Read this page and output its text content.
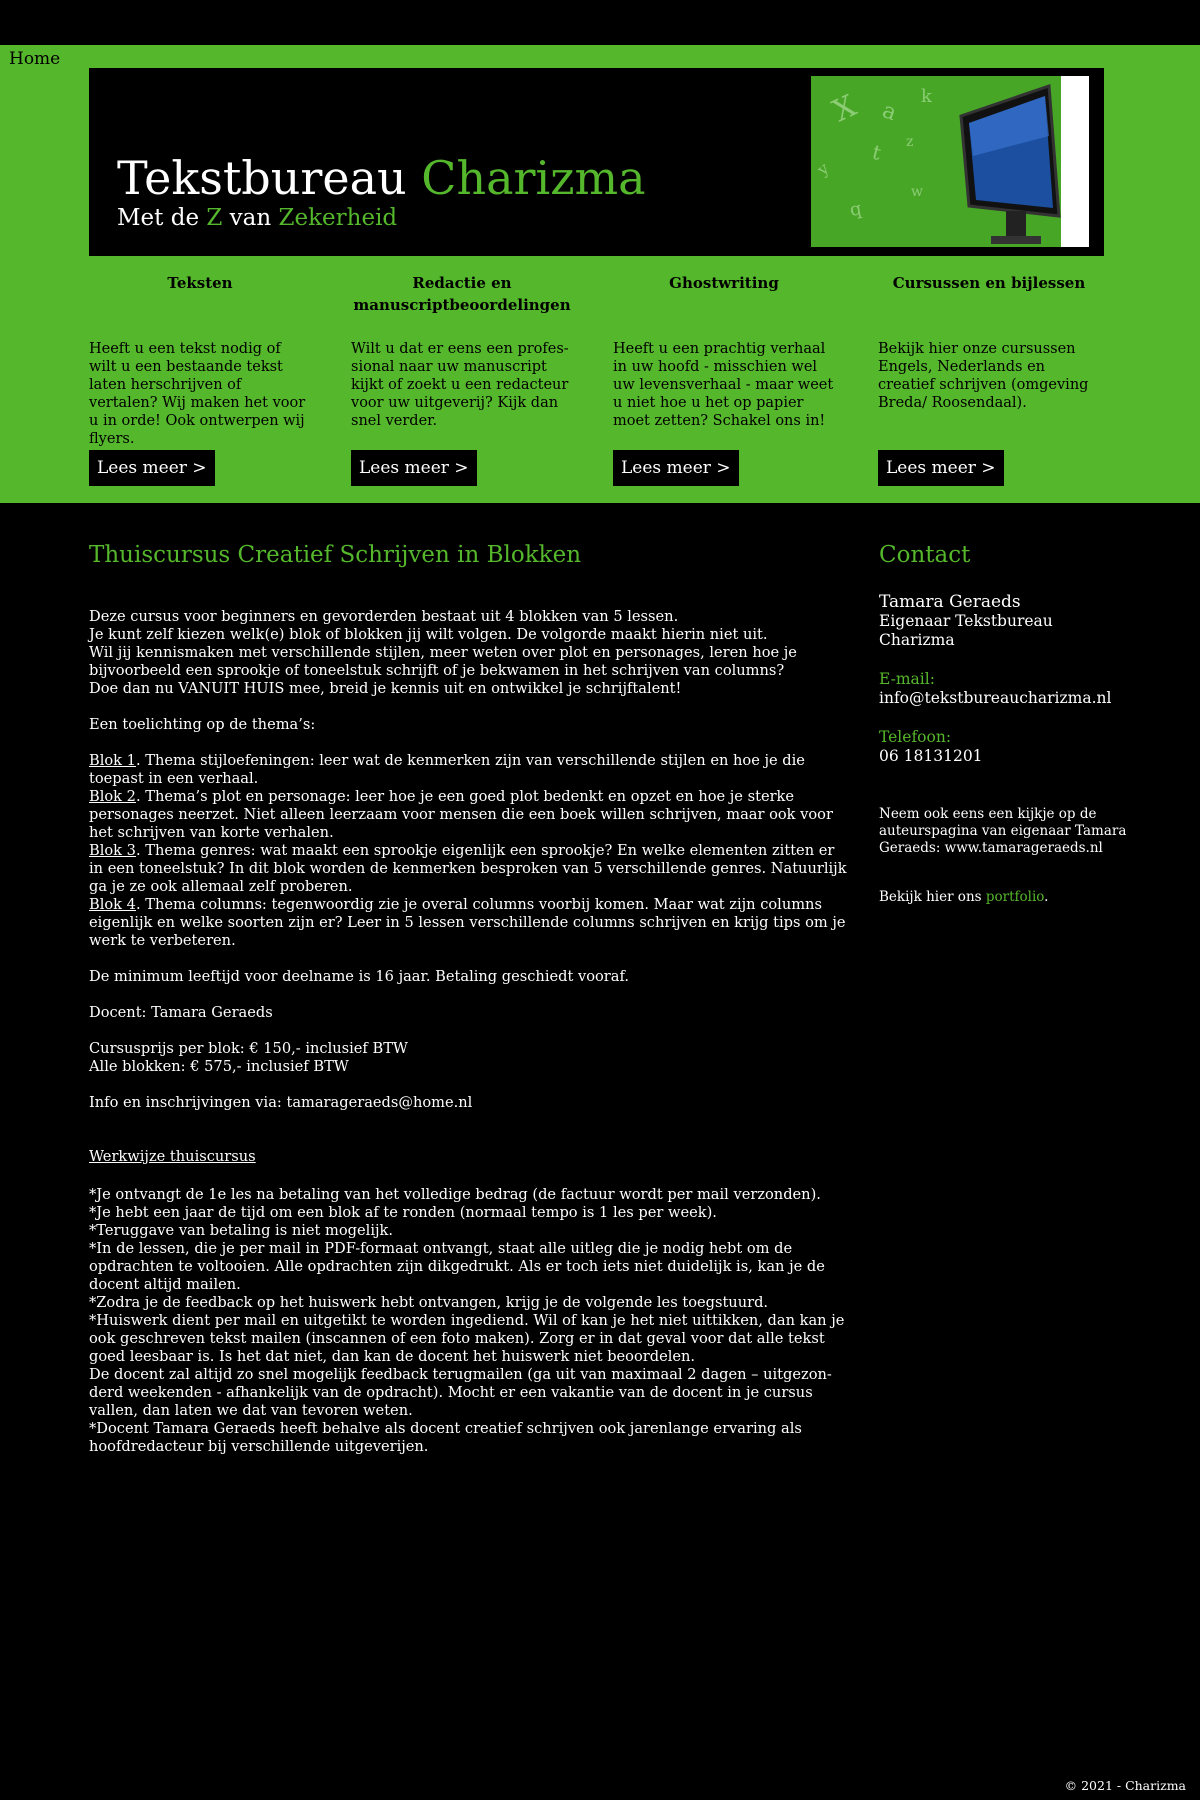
Home
Tekstbureau Charizma
Met de Z van Zekerheid
X a
k
y
t z
q
w
Teksten

Heeft u een tekst nodig of wilt u een bestaande tekst laten herschrijven of vertalen? Wij maken het voor u in orde! Ook ontwerpen wij flyers.

Lees meer >
Redactie en manuscriptbeoordelingen

Wilt u dat er eens een profes-sional naar uw manuscript kijkt of zoekt u een redacteur voor uw uitgeverij? Kijk dan snel verder.

Lees meer >
Ghostwriting

Heeft u een prachtig verhaal in uw hoofd - misschien wel uw levensverhaal - maar weet u niet hoe u het op papier moet zetten? Schakel ons in!

Lees meer >
Cursussen en bijlessen

Bekijk hier onze cursussen Engels, Nederlands en creatief schrijven (omgeving Breda/ Roosendaal).

Lees meer >
Thuiscursus Creatief Schrijven in Blokken

Deze cursus voor beginners en gevorderden bestaat uit 4 blokken van 5 lessen.
Je kunt zelf kiezen welk(e) blok of blokken jij wilt volgen. De volgorde maakt hierin niet uit.
Wil jij kennismaken met verschillende stijlen, meer weten over plot en personages, leren hoe je bijvoorbeeld een sprookje of toneelstuk schrijft of je bekwamen in het schrijven van columns?
Doe dan nu VANUIT HUIS mee, breid je kennis uit en ontwikkel je schrijftalent!

Een toelichting op de thema’s:

Blok 1. Thema stijloefeningen: leer wat de kenmerken zijn van verschillende stijlen en hoe je die toepast in een verhaal.
Blok 2. Thema’s plot en personage: leer hoe je een goed plot bedenkt en opzet en hoe je sterke personages neerzet. Niet alleen leerzaam voor mensen die een boek willen schrijven, maar ook voor het schrijven van korte verhalen.
Blok 3. Thema genres: wat maakt een sprookje eigenlijk een sprookje? En welke elementen zitten er in een toneelstuk? In dit blok worden de kenmerken besproken van 5 verschillende genres. Natuurlijk ga je ze ook allemaal zelf proberen.
Blok 4. Thema columns: tegenwoordig zie je overal columns voorbij komen. Maar wat zijn columns eigenlijk en welke soorten zijn er? Leer in 5 lessen verschillende columns schrijven en krijg tips om je werk te verbeteren.

De minimum leeftijd voor deelname is 16 jaar. Betaling geschiedt vooraf.

Docent: Tamara Geraeds

Cursusprijs per blok: € 150,- inclusief BTW
Alle blokken: € 575,- inclusief BTW

Info en inschrijvingen via: tamarageraeds@home.nl

Werkwijze thuiscursus

*Je ontvangt de 1e les na betaling van het volledige bedrag (de factuur wordt per mail verzonden).
*Je hebt een jaar de tijd om een blok af te ronden (normaal tempo is 1 les per week).
*Teruggave van betaling is niet mogelijk.
*In de lessen, die je per mail in PDF-formaat ontvangt, staat alle uitleg die je nodig hebt om de opdrachten te voltooien. Alle opdrachten zijn dikgedrukt. Als er toch iets niet duidelijk is, kan je de docent altijd mailen.
*Zodra je de feedback op het huiswerk hebt ontvangen, krijg je de volgende les toegstuurd.
*Huiswerk dient per mail en uitgetikt te worden ingediend. Wil of kan je het niet uittikken, dan kan je ook geschreven tekst mailen (inscannen of een foto maken). Zorg er in dat geval voor dat alle tekst goed leesbaar is. Is het dat niet, dan kan de docent het huiswerk niet beoordelen.
De docent zal altijd zo snel mogelijk feedback terugmailen (ga uit van maximaal 2 dagen – uitgezon-derd weekenden - afhankelijk van de opdracht). Mocht er een vakantie van de docent in je cursus vallen, dan laten we dat van tevoren weten.
*Docent Tamara Geraeds heeft behalve als docent creatief schrijven ook jarenlange ervaring als hoofdredacteur bij verschillende uitgeverijen.

Contact
Tamara Geraeds
Eigenaar Tekstbureau
Charizma
E-mail:
info@tekstbureaucharizma.nl
Telefoon:
06 18131201
Neem ook eens een kijkje op de auteurspagina van eigenaar Tamara Geraeds: www.tamarageraeds.nl
Bekijk hier ons portfolio.
© 2021 - Charizma
